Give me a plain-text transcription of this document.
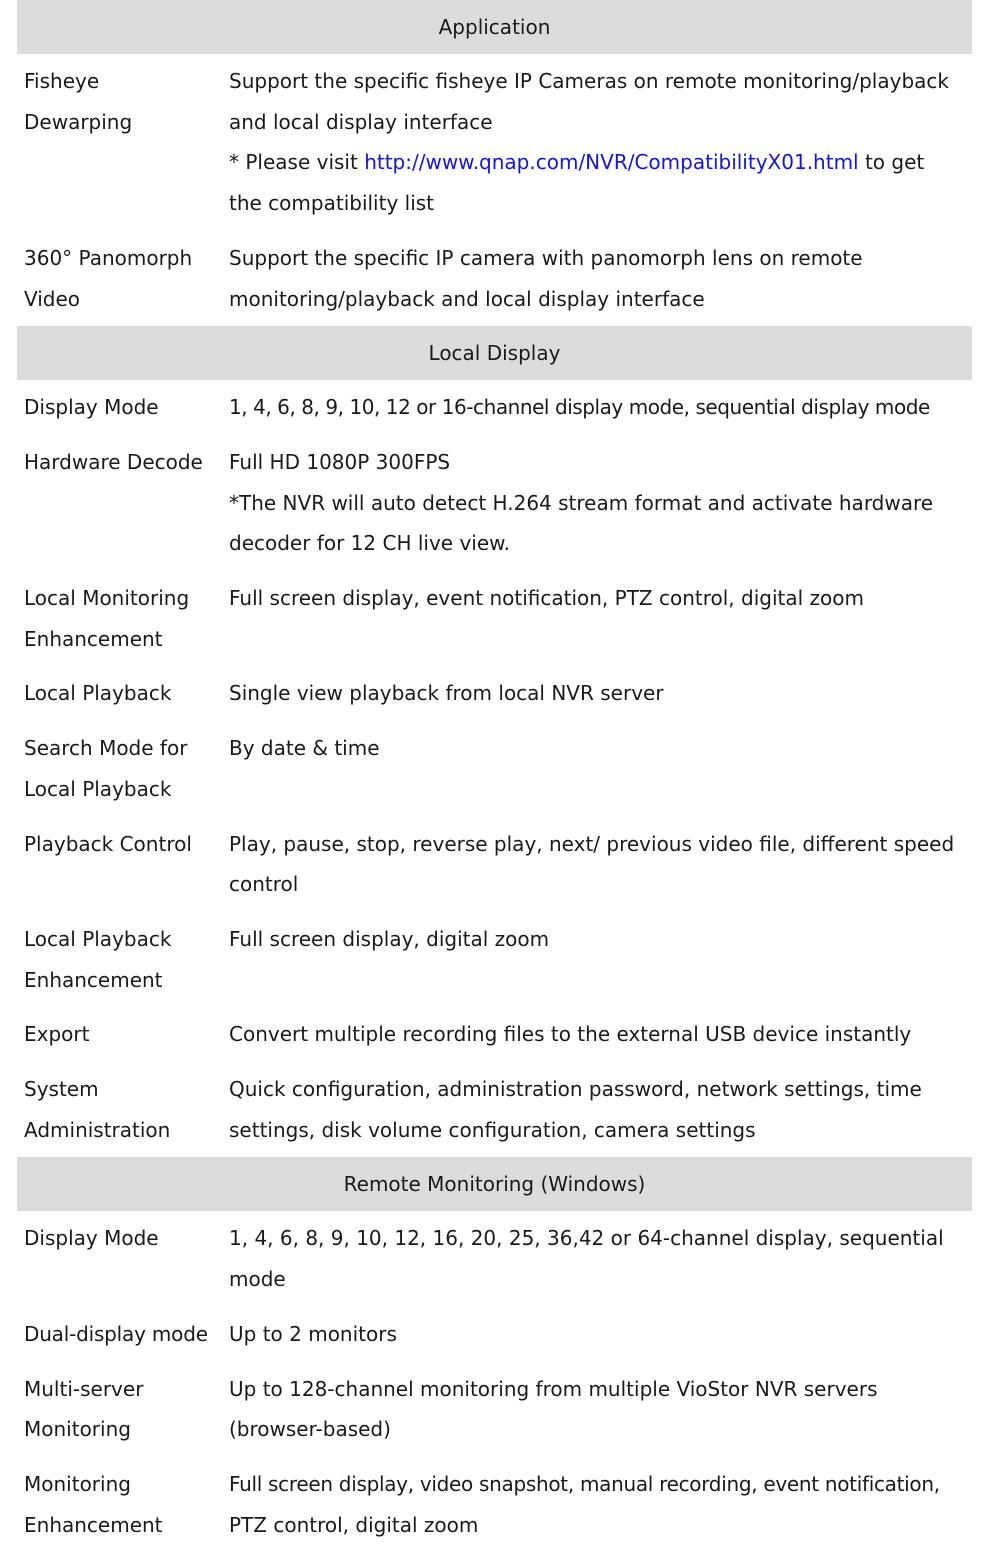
Application	

Fisheye
Dewarping	Support the specific fisheye IP Cameras on remote monitoring/playback
and local display interface
* Please visit http://www.qnap.com/NVR/CompatibilityX01.html to get
the compatibility list

360° Panomorph
Video	Support the specific IP camera with panomorph lens on remote
monitoring/playback and local display interface

Local Display	

Display Mode	1, 4, 6, 8, 9, 10, 12 or 16-channel display mode, sequential display mode

Hardware Decode	Full HD 1080P 300FPS
*The NVR will auto detect H.264 stream format and activate hardware
decoder for 12 CH live view.

Local Monitoring
Enhancement	Full screen display, event notification, PTZ control, digital zoom

Local Playback	Single view playback from local NVR server

Search Mode for
Local Playback	By date & time

Playback Control	Play, pause, stop, reverse play, next/ previous video file, different speed
control

Local Playback
Enhancement	Full screen display, digital zoom

Export	Convert multiple recording files to the external USB device instantly

System
Administration	Quick configuration, administration password, network settings, time
settings, disk volume configuration, camera settings

Remote Monitoring (Windows)	

Display Mode	1, 4, 6, 8, 9, 10, 12, 16, 20, 25, 36,42 or 64-channel display, sequential
mode

Dual-display mode	Up to 2 monitors

Multi-server
Monitoring	Up to 128-channel monitoring from multiple VioStor NVR servers
(browser-based)

Monitoring
Enhancement	Full screen display, video snapshot, manual recording, event notification,
PTZ control, digital zoom
